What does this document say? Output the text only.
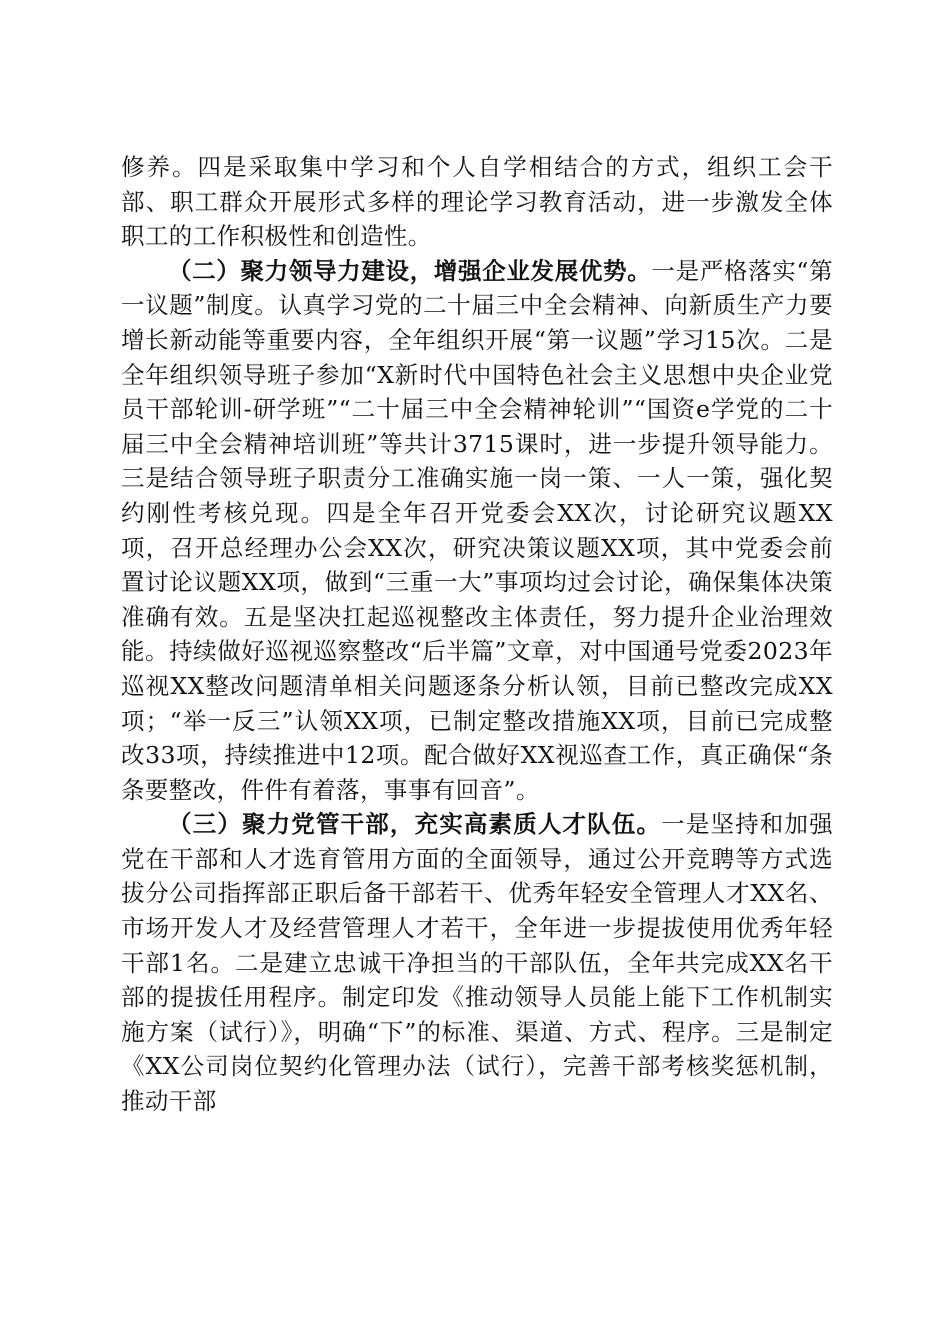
修养。四是采取集中学习和个人自学相结合的方式，组织工会干部、职工群众开展形式多样的理论学习教育活动，进一步激发全体职工的工作积极性和创造性。

（二）聚力领导力建设，增强企业发展优势。一是严格落实“第一议题”制度。认真学习党的二十届三中全会精神、向新质生产力要增长新动能等重要内容，全年组织开展“第一议题”学习15次。二是全年组织领导班子参加“X新时代中国特色社会主义思想中央企业党员干部轮训-研学班”“二十届三中全会精神轮训”“国资e学党的二十届三中全会精神培训班”等共计3715课时，进一步提升领导能力。三是结合领导班子职责分工准确实施一岗一策、一人一策，强化契约刚性考核兑现。四是全年召开党委会XX次，讨论研究议题XX项，召开总经理办公会XX次，研究决策议题XX项，其中党委会前置讨论议题XX项，做到“三重一大”事项均过会讨论，确保集体决策准确有效。五是坚决扛起巡视整改主体责任，努力提升企业治理效能。持续做好巡视巡察整改“后半篇”文章，对中国通号党委2023年巡视XX整改问题清单相关问题逐条分析认领，目前已整改完成XX项；“举一反三”认领XX项，已制定整改措施XX项，目前已完成整改33项，持续推进中12项。配合做好XX视巡查工作，真正确保“条条要整改，件件有着落，事事有回音”。

（三）聚力党管干部，充实高素质人才队伍。一是坚持和加强党在干部和人才选育管用方面的全面领导，通过公开竞聘等方式选拔分公司指挥部正职后备干部若干、优秀年轻安全管理人才XX名、市场开发人才及经营管理人才若干，全年进一步提拔使用优秀年轻干部1名。二是建立忠诚干净担当的干部队伍，全年共完成XX名干部的提拔任用程序。制定印发《推动领导人员能上能下工作机制实施方案（试行）》，明确“下”的标准、渠道、方式、程序。三是制定《XX公司岗位契约化管理办法（试行），完善干部考核奖惩机制，推动干部
